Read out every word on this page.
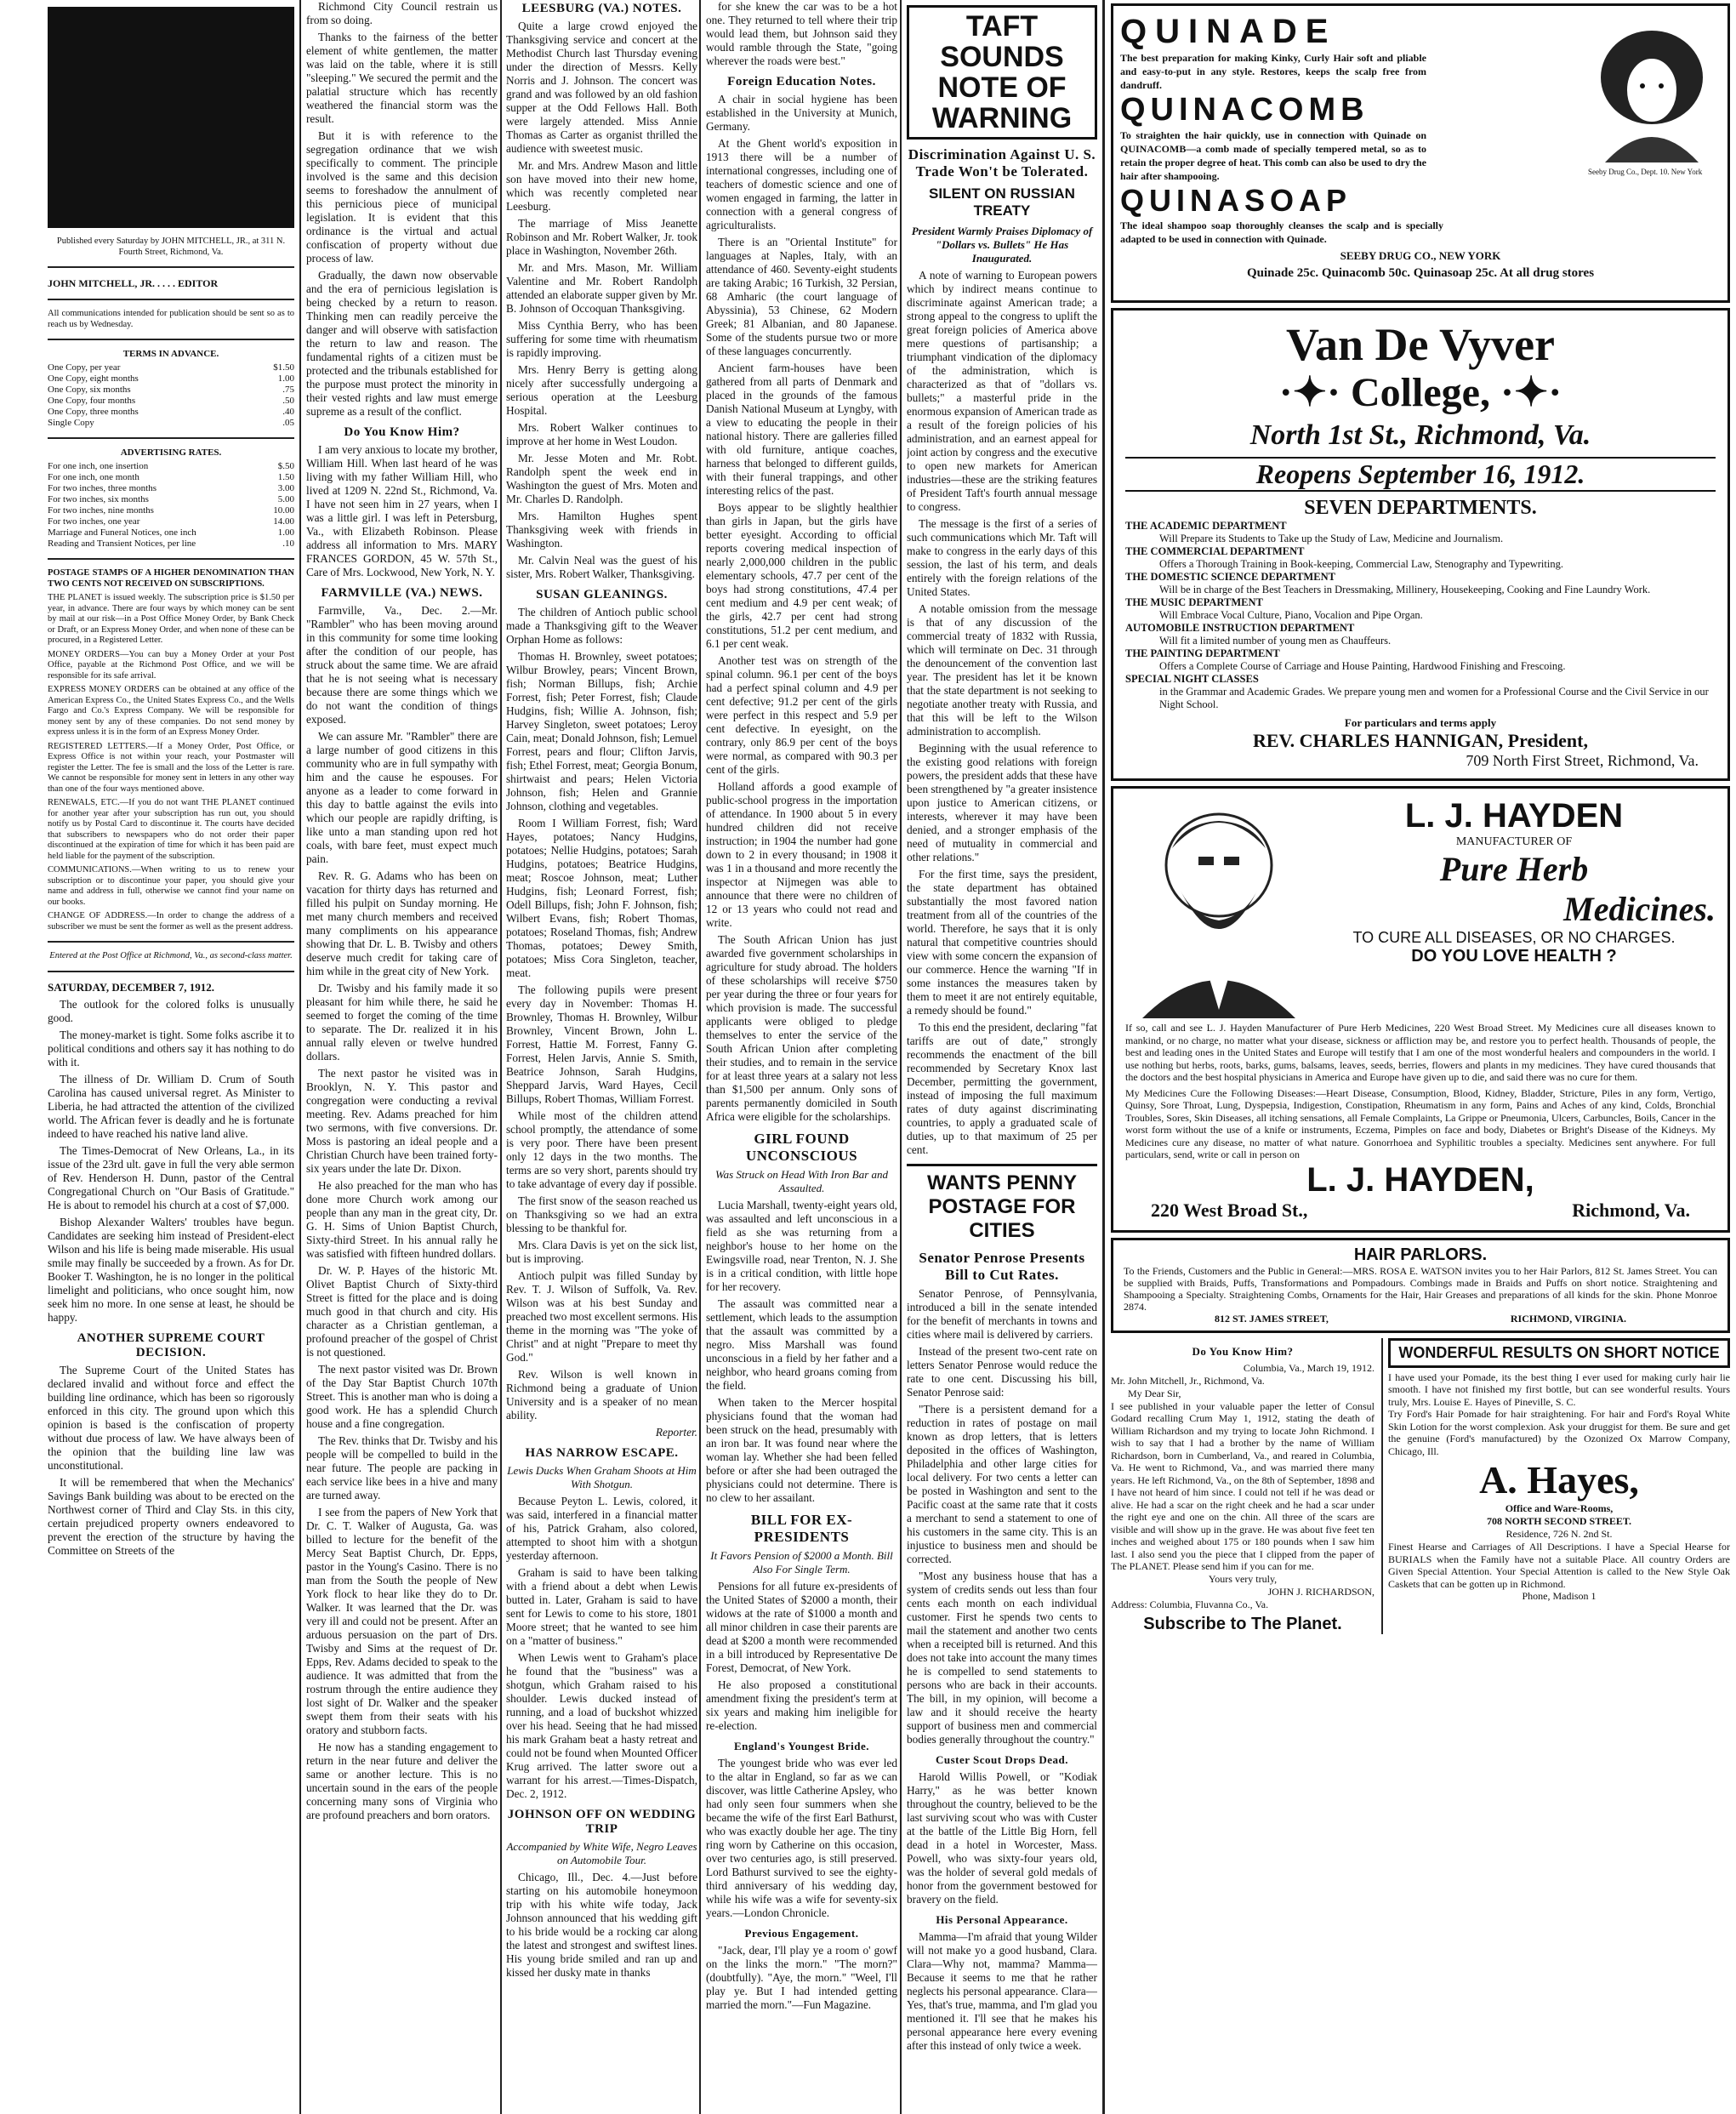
Published every Saturday by JOHN MITCHELL, JR., at 311 N. Fourth Street, Richmond, Va.

JOHN MITCHELL, JR. . . . . EDITOR

All communications intended for publication should be sent so as to reach us by Wednesday.

TERMS IN ADVANCE.
One Copy, per year	$1.50
One Copy, eight months	1.00
One Copy, six months	.75
One Copy, four months	.50
One Copy, three months	.40
Single Copy	.05
ADVERTISING RATES.
For one inch, one insertion	$.50
For one inch, one month	1.50
For two inches, three months	3.00
For two inches, six months	5.00
For two inches, nine months	10.00
For two inches, one year	14.00
Marriage and Funeral Notices, one inch	1.00
Reading and Transient Notices, per line	.10

POSTAGE STAMPS OF A HIGHER DENOMINATION THAN TWO CENTS NOT RECEIVED ON SUBSCRIPTIONS.

THE PLANET is issued weekly. The subscription price is $1.50 per year, in advance. There are four ways by which money can be sent by mail at our risk—in a Post Office Money Order, by Bank Check or Draft, or an Express Money Order, and when none of these can be procured, in a Registered Letter.

MONEY ORDERS—You can buy a Money Order at your Post Office, payable at the Richmond Post Office, and we will be responsible for its safe arrival.

EXPRESS MONEY ORDERS can be obtained at any office of the American Express Co., the United States Express Co., and the Wells Fargo and Co.'s Express Company. We will be responsible for money sent by any of these companies. Do not send money by express unless it is in the form of an Express Money Order.

REGISTERED LETTERS.—If a Money Order, Post Office, or Express Office is not within your reach, your Postmaster will register the Letter. The fee is small and the loss of the Letter is rare. We cannot be responsible for money sent in letters in any other way than one of the four ways mentioned above.

RENEWALS, ETC.—If you do not want THE PLANET continued for another year after your subscription has run out, you should notify us by Postal Card to discontinue it. The courts have decided that subscribers to newspapers who do not order their paper discontinued at the expiration of time for which it has been paid are held liable for the payment of the subscription.

COMMUNICATIONS.—When writing to us to renew your subscription or to discontinue your paper, you should give your name and address in full, otherwise we cannot find your name on our books.

CHANGE OF ADDRESS.—In order to change the address of a subscriber we must be sent the former as well as the present address.

Entered at the Post Office at Richmond, Va., as second-class matter.

SATURDAY, DECEMBER 7, 1912.

The outlook for the colored folks is unusually good.

The money-market is tight. Some folks ascribe it to political conditions and others say it has nothing to do with it.

The illness of Dr. William D. Crum of South Carolina has caused universal regret. As Minister to Liberia, he had attracted the attention of the civilized world. The African fever is deadly and he is fortunate indeed to have reached his native land alive.

The Times-Democrat of New Orleans, La., in its issue of the 23rd ult. gave in full the very able sermon of Rev. Henderson H. Dunn, pastor of the Central Congregational Church on "Our Basis of Gratitude." He is about to remodel his church at a cost of $7,000.

Bishop Alexander Walters' troubles have begun. Candidates are seeking him instead of President-elect Wilson and his life is being made miserable. His usual smile may finally be succeeded by a frown. As for Dr. Booker T. Washington, he is no longer in the political limelight and politicians, who once sought him, now seek him no more. In one sense at least, he should be happy.

ANOTHER SUPREME COURT DECISION.

The Supreme Court of the United States has declared invalid and without force and effect the building line ordinance, which has been so rigorously enforced in this city. The ground upon which this opinion is based is the confiscation of property without due process of law. We have always been of the opinion that the building line law was unconstitutional.

It will be remembered that when the Mechanics' Savings Bank building was about to be erected on the Northwest corner of Third and Clay Sts. in this city, certain prejudiced property owners endeavored to prevent the erection of the structure by having the Committee on Streets of the

Richmond City Council restrain us from so doing.

Thanks to the fairness of the better element of white gentlemen, the matter was laid on the table, where it is still "sleeping." We secured the permit and the palatial structure which has recently weathered the financial storm was the result.

But it is with reference to the segregation ordinance that we wish specifically to comment. The principle involved is the same and this decision seems to foreshadow the annulment of this pernicious piece of municipal legislation. It is evident that this ordinance is the virtual and actual confiscation of property without due process of law.

Gradually, the dawn now observable and the era of pernicious legislation is being checked by a return to reason. Thinking men can readily perceive the danger and will observe with satisfaction the return to law and reason. The fundamental rights of a citizen must be protected and the tribunals established for the purpose must protect the minority in their vested rights and law must emerge supreme as a result of the conflict.

Do You Know Him?

I am very anxious to locate my brother, William Hill. When last heard of he was living with my father William Hill, who lived at 1209 N. 22nd St., Richmond, Va. I have not seen him in 27 years, when I was a little girl. I was left in Petersburg, Va., with Elizabeth Robinson. Please address all information to Mrs. MARY FRANCES GORDON, 45 W. 57th St., Care of Mrs. Lockwood, New York, N. Y.

FARMVILLE (VA.) NEWS.

Farmville, Va., Dec. 2.—Mr. "Rambler" who has been moving around in this community for some time looking after the condition of our people, has struck about the same time. We are afraid that he is not seeing what is necessary because there are some things which we do not want the condition of things exposed.

We can assure Mr. "Rambler" there are a large number of good citizens in this community who are in full sympathy with him and the cause he espouses. For anyone as a leader to come forward in this day to battle against the evils into which our people are rapidly drifting, is like unto a man standing upon red hot coals, with bare feet, must expect much pain.

Rev. R. G. Adams who has been on vacation for thirty days has returned and filled his pulpit on Sunday morning. He met many church members and received many compliments on his appearance showing that Dr. L. B. Twisby and others deserve much credit for taking care of him while in the great city of New York.

Dr. Twisby and his family made it so pleasant for him while there, he said he seemed to forget the coming of the time to separate. The Dr. realized it in his annual rally eleven or twelve hundred dollars.

The next pastor he visited was in Brooklyn, N. Y. This pastor and congregation were conducting a revival meeting. Rev. Adams preached for him two sermons, with five conversions. Dr. Moss is pastoring an ideal people and a Christian Church have been trained forty-six years under the late Dr. Dixon.

He also preached for the man who has done more Church work among our people than any man in the great city, Dr. G. H. Sims of Union Baptist Church, Sixty-third Street. In his annual rally he was satisfied with fifteen hundred dollars.

Dr. W. P. Hayes of the historic Mt. Olivet Baptist Church of Sixty-third Street is fitted for the place and is doing much good in that church and city. His character as a Christian gentleman, a profound preacher of the gospel of Christ is not questioned.

The next pastor visited was Dr. Brown of the Day Star Baptist Church 107th Street. This is another man who is doing a good work. He has a splendid Church house and a fine congregation.

The Rev. thinks that Dr. Twisby and his people will be compelled to build in the near future. The people are packing in each service like bees in a hive and many are turned away.

I see from the papers of New York that Dr. C. T. Walker of Augusta, Ga. was billed to lecture for the benefit of the Mercy Seat Baptist Church, Dr. Epps, pastor in the Young's Casino. There is no man from the South the people of New York flock to hear like they do to Dr. Walker. It was learned that the Dr. was very ill and could not be present. After an arduous persuasion on the part of Drs. Twisby and Sims at the request of Dr. Epps, Rev. Adams decided to speak to the audience. It was admitted that from the rostrum through the entire audience they lost sight of Dr. Walker and the speaker swept them from their seats with his oratory and stubborn facts.

He now has a standing engagement to return in the near future and deliver the same or another lecture. This is no uncertain sound in the ears of the people concerning many sons of Virginia who are profound preachers and born orators.

LEESBURG (VA.) NOTES.

Quite a large crowd enjoyed the Thanksgiving service and concert at the Methodist Church last Thursday evening under the direction of Messrs. Kelly Norris and J. Johnson. The concert was grand and was followed by an old fashion supper at the Odd Fellows Hall. Both were largely attended. Miss Annie Thomas as Carter as organist thrilled the audience with sweetest music.

Mr. and Mrs. Andrew Mason and little son have moved into their new home, which was recently completed near Leesburg.

The marriage of Miss Jeanette Robinson and Mr. Robert Walker, Jr. took place in Washington, November 26th.

Mr. and Mrs. Mason, Mr. William Valentine and Mr. Robert Randolph attended an elaborate supper given by Mr. B. Johnson of Occoquan Thanksgiving.

Miss Cynthia Berry, who has been suffering for some time with rheumatism is rapidly improving.

Mrs. Henry Berry is getting along nicely after successfully undergoing a serious operation at the Leesburg Hospital.

Mrs. Robert Walker continues to improve at her home in West Loudon.

Mr. Jesse Moten and Mr. Robt. Randolph spent the week end in Washington the guest of Mrs. Moten and Mr. Charles D. Randolph.

Mrs. Hamilton Hughes spent Thanksgiving week with friends in Washington.

Mr. Calvin Neal was the guest of his sister, Mrs. Robert Walker, Thanksgiving.

SUSAN GLEANINGS.

The children of Antioch public school made a Thanksgiving gift to the Weaver Orphan Home as follows:

Thomas H. Brownley, sweet potatoes; Wilbur Browley, pears; Vincent Brown, fish; Norman Billups, fish; Archie Forrest, fish; Peter Forrest, fish; Claude Hudgins, fish; Willie A. Johnson, fish; Harvey Singleton, sweet potatoes; Leroy Cain, meat; Donald Johnson, fish; Lemuel Forrest, pears and flour; Clifton Jarvis, fish; Ethel Forrest, meat; Georgia Bonum, shirtwaist and pears; Helen Victoria Johnson, fish; Helen and Grannie Johnson, clothing and vegetables.

Room I William Forrest, fish; Ward Hayes, potatoes; Nancy Hudgins, potatoes; Nellie Hudgins, potatoes; Sarah Hudgins, potatoes; Beatrice Hudgins, meat; Roscoe Johnson, meat; Luther Hudgins, fish; Leonard Forrest, fish; Odell Billups, fish; John F. Johnson, fish; Wilbert Evans, fish; Robert Thomas, potatoes; Roseland Thomas, fish; Andrew Thomas, potatoes; Dewey Smith, potatoes; Miss Cora Singleton, teacher, meat.

The following pupils were present every day in November: Thomas H. Brownley, Thomas H. Brownley, Wilbur Brownley, Vincent Brown, John L. Forrest, Hattie M. Forrest, Fanny G. Forrest, Helen Jarvis, Annie S. Smith, Beatrice Johnson, Sarah Hudgins, Sheppard Jarvis, Ward Hayes, Cecil Billups, Robert Thomas, William Forrest.

While most of the children attend school promptly, the attendance of some is very poor. There have been present only 12 days in the two months. The terms are so very short, parents should try to take advantage of every day if possible.

The first snow of the season reached us on Thanksgiving so we had an extra blessing to be thankful for.

Mrs. Clara Davis is yet on the sick list, but is improving.

Antioch pulpit was filled Sunday by Rev. T. J. Wilson of Suffolk, Va. Rev. Wilson was at his best Sunday and preached two most excellent sermons. His theme in the morning was "The yoke of Christ" and at night "Prepare to meet thy God."

Rev. Wilson is well known in Richmond being a graduate of Union University and is a speaker of no mean ability.

Reporter.

HAS NARROW ESCAPE.
Lewis Ducks When Graham Shoots at Him With Shotgun.

Because Peyton L. Lewis, colored, it was said, interfered in a financial matter of his, Patrick Graham, also colored, attempted to shoot him with a shotgun yesterday afternoon.

Graham is said to have been talking with a friend about a debt when Lewis butted in. Later, Graham is said to have sent for Lewis to come to his store, 1801 Moore street; that he wanted to see him on a "matter of business."

When Lewis went to Graham's place he found that the "business" was a shotgun, which Graham raised to his shoulder. Lewis ducked instead of running, and a load of buckshot whizzed over his head. Seeing that he had missed his mark Graham beat a hasty retreat and could not be found when Mounted Officer Krug arrived. The latter swore out a warrant for his arrest.—Times-Dispatch, Dec. 2, 1912.

JOHNSON OFF ON WEDDING TRIP
Accompanied by White Wife, Negro Leaves on Automobile Tour.

Chicago, Ill., Dec. 4.—Just before starting on his automobile honeymoon trip with his white wife today, Jack Johnson announced that his wedding gift to his bride would be a rocking car along the latest and strongest and swiftest lines. His young bride smiled and ran up and kissed her dusky mate in thanks

for she knew the car was to be a hot one. They returned to tell where their trip would lead them, but Johnson said they would ramble through the State, "going wherever the roads were best."

Foreign Education Notes.

A chair in social hygiene has been established in the University at Munich, Germany.

At the Ghent world's exposition in 1913 there will be a number of international congresses, including one of teachers of domestic science and one of women engaged in farming, the latter in connection with a general congress of agriculturalists.

There is an "Oriental Institute" for languages at Naples, Italy, with an attendance of 460. Seventy-eight students are taking Arabic; 16 Turkish, 32 Persian, 68 Amharic (the court language of Abyssinia), 53 Chinese, 62 Modern Greek; 81 Albanian, and 80 Japanese. Some of the students pursue two or more of these languages concurrently.

Ancient farm-houses have been gathered from all parts of Denmark and placed in the grounds of the famous Danish National Museum at Lyngby, with a view to educating the people in their national history. There are galleries filled with old furniture, antique coaches, harness that belonged to different guilds, with their funeral trappings, and other interesting relics of the past.

Boys appear to be slightly healthier than girls in Japan, but the girls have better eyesight. According to official reports covering medical inspection of nearly 2,000,000 children in the public elementary schools, 47.7 per cent of the boys had strong constitutions, 47.4 per cent medium and 4.9 per cent weak; of the girls, 42.7 per cent had strong constitutions, 51.2 per cent medium, and 6.1 per cent weak.

Another test was on strength of the spinal column. 96.1 per cent of the boys had a perfect spinal column and 4.9 per cent defective; 91.2 per cent of the girls were perfect in this respect and 5.9 per cent defective. In eyesight, on the contrary, only 86.9 per cent of the boys were normal, as compared with 90.3 per cent of the girls.

Holland affords a good example of public-school progress in the importation of attendance. In 1900 about 5 in every hundred children did not receive instruction; in 1904 the number had gone down to 2 in every thousand; in 1908 it was 1 in a thousand and more recently the inspector at Nijmegen was able to announce that there were no children of 12 or 13 years who could not read and write.

The South African Union has just awarded five government scholarships in agriculture for study abroad. The holders of these scholarships will receive $750 per year during the three or four years for which provision is made. The successful applicants were obliged to pledge themselves to enter the service of the South African Union after completing their studies, and to remain in the service for at least three years at a salary not less than $1,500 per annum. Only sons of parents permanently domiciled in South Africa were eligible for the scholarships.

GIRL FOUND UNCONSCIOUS
Was Struck on Head With Iron Bar and Assaulted.

Lucia Marshall, twenty-eight years old, was assaulted and left unconscious in a field as she was returning from a neighbor's house to her home on the Ewingsville road, near Trenton, N. J. She is in a critical condition, with little hope for her recovery.

The assault was committed near a settlement, which leads to the assumption that the assault was committed by a negro. Miss Marshall was found unconscious in a field by her father and a neighbor, who heard groans coming from the field.

When taken to the Mercer hospital physicians found that the woman had been struck on the head, presumably with an iron bar. It was found near where the woman lay. Whether she had been felled before or after she had been outraged the physicians could not determine. There is no clew to her assailant.

BILL FOR EX-PRESIDENTS
It Favors Pension of $2000 a Month. Bill Also For Single Term.

Pensions for all future ex-presidents of the United States of $2000 a month, their widows at the rate of $1000 a month and all minor children in case their parents are dead at $200 a month were recommended in a bill introduced by Representative De Forest, Democrat, of New York.

He also proposed a constitutional amendment fixing the president's term at six years and making him ineligible for re-election.

England's Youngest Bride.

The youngest bride who was ever led to the altar in England, so far as we can discover, was little Catherine Apsley, who had only seen four summers when she became the wife of the first Earl Bathurst, who was exactly double her age. The tiny ring worn by Catherine on this occasion, over two centuries ago, is still preserved. Lord Bathurst survived to see the eighty-third anniversary of his wedding day, while his wife was a wife for seventy-six years.—London Chronicle.

Previous Engagement.

"Jack, dear, I'll play ye a room o' gowf on the links the morn." "The morn?" (doubtfully). "Aye, the morn." "Weel, I'll play ye. But I had intended getting married the morn."—Fun Magazine.

QUINADE

The best preparation for making Kinky, Curly Hair soft and pliable and easy-to-put in any style. Restores, keeps the scalp free from dandruff.

QUINACOMB

To straighten the hair quickly, use in connection with Quinade on QUINACOMB—a comb made of specially tempered metal, so as to retain the proper degree of heat. This comb can also be used to dry the hair after shampooing.

QUINASOAP

The ideal shampoo soap thoroughly cleanses the scalp and is specially adapted to be used in connection with Quinade.

SEEBY DRUG CO., NEW YORK
Quinade 25c. Quinacomb 50c. Quinasoap 25c. At all drug stores
Seeby Drug Co., Dept. 10. New York
Van De Vyver
·✦· College, ·✦·
North 1st St., Richmond, Va.
Reopens September 16, 1912.
SEVEN DEPARTMENTS.
THE ACADEMIC DEPARTMENT
Will Prepare its Students to Take up the Study of Law, Medicine and Journalism.
THE COMMERCIAL DEPARTMENT
Offers a Thorough Training in Book-keeping, Commercial Law, Stenography and Typewriting.
THE DOMESTIC SCIENCE DEPARTMENT
Will be in charge of the Best Teachers in Dressmaking, Millinery, Housekeeping, Cooking and Fine Laundry Work.
THE MUSIC DEPARTMENT
Will Embrace Vocal Culture, Piano, Vocalion and Pipe Organ.
AUTOMOBILE INSTRUCTION DEPARTMENT
Will fit a limited number of young men as Chauffeurs.
THE PAINTING DEPARTMENT
Offers a Complete Course of Carriage and House Painting, Hardwood Finishing and Frescoing.
SPECIAL NIGHT CLASSES
in the Grammar and Academic Grades. We prepare young men and women for a Professional Course and the Civil Service in our Night School.
For particulars and terms apply
REV. CHARLES HANNIGAN, President,
709 North First Street, Richmond, Va.
L. J. HAYDEN
MANUFACTURER OF
Pure Herb
Medicines.
TO CURE ALL DISEASES, OR NO CHARGES.
DO YOU LOVE HEALTH ?

If so, call and see L. J. Hayden Manufacturer of Pure Herb Medicines, 220 West Broad Street. My Medicines cure all diseases known to mankind, or no charge, no matter what your disease, sickness or affliction may be, and restore you to perfect health. Thousands of people, the best and leading ones in the United States and Europe will testify that I am one of the most wonderful healers and compounders in the world. I use nothing but herbs, roots, barks, gums, balsams, leaves, seeds, berries, flowers and plants in my medicines. They have cured thousands that the doctors and the best hospital physicians in America and Europe have given up to die, and said there was no cure for them.

My Medicines Cure the Following Diseases:—Heart Disease, Consumption, Blood, Kidney, Bladder, Stricture, Piles in any form, Vertigo, Quinsy, Sore Throat, Lung, Dyspepsia, Indigestion, Constipation, Rheumatism in any form, Pains and Aches of any kind, Colds, Bronchial Troubles, Sores, Skin Diseases, all itching sensations, all Female Complaints, La Grippe or Pneumonia, Ulcers, Carbuncles, Boils, Cancer in the worst form without the use of a knife or instruments, Eczema, Pimples on face and body, Diabetes or Bright's Disease of the Kidneys. My Medicines cure any disease, no matter of what nature. Gonorrhoea and Syphilitic troubles a specialty. Medicines sent anywhere. For full particulars, send, write or call in person on

L. J. HAYDEN,
220 West Broad St.,	Richmond, Va.
HAIR PARLORS.

To the Friends, Customers and the Public in General:—MRS. ROSA E. WATSON invites you to her Hair Parlors, 812 St. James Street. You can be supplied with Braids, Puffs, Transformations and Pompadours. Combings made in Braids and Puffs on short notice. Straightening and Shampooing a Specialty. Straightening Combs, Ornaments for the Hair, Hair Greases and preparations of all kinds for the skin. Phone Monroe 2874.

812 ST. JAMES STREET,	RICHMOND, VIRGINIA.
Do You Know Him?
Columbia, Va., March 19, 1912.
Mr. John Mitchell, Jr., Richmond, Va.
My Dear Sir,

I see published in your valuable paper the letter of Consul Godard recalling Crum May 1, 1912, stating the death of William Richardson and my trying to locate John Richmond. I wish to say that I had a brother by the name of William Richardson, born in Cumberland, Va., and reared in Columbia, Va. He went to Richmond, Va., and was married there many years. He left Richmond, Va., on the 8th of September, 1898 and I have not heard of him since. I could not tell if he was dead or alive. He had a scar on the right cheek and he had a scar under the right eye and one on the chin. All three of the scars are visible and will show up in the grave. He was about five feet ten inches and weighed about 175 or 180 pounds when I saw him last. I also send you the piece that I clipped from the paper of The PLANET. Please send him if you can for me.

Yours very truly,
JOHN J. RICHARDSON,
Address: Columbia, Fluvanna Co., Va.
Subscribe to The Planet.
WONDERFUL RESULTS ON SHORT NOTICE

I have used your Pomade, its the best thing I ever used for making curly hair lie smooth. I have not finished my first bottle, but can see wonderful results. Yours truly, Mrs. Louise E. Hayes of Pineville, S. C.

Try Ford's Hair Pomade for hair straightening. For hair and Ford's Royal White Skin Lotion for the worst complexion. Ask your druggist for them. Be sure and get the genuine (Ford's manufactured) by the Ozonized Ox Marrow Company, Chicago, Ill.

A. Hayes,
Office and Ware-Rooms,
708 NORTH SECOND STREET.
Residence, 726 N. 2nd St.

Finest Hearse and Carriages of All Descriptions. I have a Special Hearse for BURIALS when the Family have not a suitable Place. All country Orders are Given Special Attention. Your Special Attention is called to the New Style Oak Caskets that can be gotten up in Richmond.

Phone, Madison 1
TAFT SOUNDS NOTE OF WARNING
Discrimination Against U. S. Trade Won't be Tolerated.
SILENT ON RUSSIAN TREATY
President Warmly Praises Diplomacy of "Dollars vs. Bullets" He Has Inaugurated.

A note of warning to European powers which by indirect means continue to discriminate against American trade; a strong appeal to the congress to uplift the great foreign policies of America above mere questions of partisanship; a triumphant vindication of the diplomacy of the administration, which is characterized as that of "dollars vs. bullets;" a masterful pride in the enormous expansion of American trade as a result of the foreign policies of his administration, and an earnest appeal for joint action by congress and the executive to open new markets for American industries—these are the striking features of President Taft's fourth annual message to congress.

The message is the first of a series of such communications which Mr. Taft will make to congress in the early days of this session, the last of his term, and deals entirely with the foreign relations of the United States.

A notable omission from the message is that of any discussion of the commercial treaty of 1832 with Russia, which will terminate on Dec. 31 through the denouncement of the convention last year. The president has let it be known that the state department is not seeking to negotiate another treaty with Russia, and that this will be left to the Wilson administration to accomplish.

Beginning with the usual reference to the existing good relations with foreign powers, the president adds that these have been strengthened by "a greater insistence upon justice to American citizens, or interests, wherever it may have been denied, and a stronger emphasis of the need of mutuality in commercial and other relations."

For the first time, says the president, the state department has obtained substantially the most favored nation treatment from all of the countries of the world. Therefore, he says that it is only natural that competitive countries should view with some concern the expansion of our commerce. Hence the warning "If in some instances the measures taken by them to meet it are not entirely equitable, a remedy should be found."

To this end the president, declaring "fat tariffs are out of date," strongly recommends the enactment of the bill recommended by Secretary Knox last December, permitting the government, instead of imposing the full maximum rates of duty against discriminating countries, to apply a graduated scale of duties, up to that maximum of 25 per cent.

WANTS PENNY POSTAGE FOR CITIES
Senator Penrose Presents Bill to Cut Rates.

Senator Penrose, of Pennsylvania, introduced a bill in the senate intended for the benefit of merchants in towns and cities where mail is delivered by carriers.

Instead of the present two-cent rate on letters Senator Penrose would reduce the rate to one cent. Discussing his bill, Senator Penrose said:

"There is a persistent demand for a reduction in rates of postage on mail known as drop letters, that is letters deposited in the offices of Washington, Philadelphia and other large cities for local delivery. For two cents a letter can be posted in Washington and sent to the Pacific coast at the same rate that it costs a merchant to send a statement to one of his customers in the same city. This is an injustice to business men and should be corrected.

"Most any business house that has a system of credits sends out less than four cents each month on each individual customer. First he spends two cents to mail the statement and another two cents when a receipted bill is returned. And this does not take into account the many times he is compelled to send statements to persons who are back in their accounts. The bill, in my opinion, will become a law and it should receive the hearty support of business men and commercial bodies generally throughout the country."

Custer Scout Drops Dead.

Harold Willis Powell, or "Kodiak Harry," as he was better known throughout the country, believed to be the last surviving scout who was with Custer at the battle of the Little Big Horn, fell dead in a hotel in Worcester, Mass. Powell, who was sixty-four years old, was the holder of several gold medals of honor from the government bestowed for bravery on the field.

His Personal Appearance.

Mamma—I'm afraid that young Wilder will not make yo a good husband, Clara. Clara—Why not, mamma? Mamma—Because it seems to me that he rather neglects his personal appearance. Clara—Yes, that's true, mamma, and I'm glad you mentioned it. I'll see that he makes his personal appearance here every evening after this instead of only twice a week.
